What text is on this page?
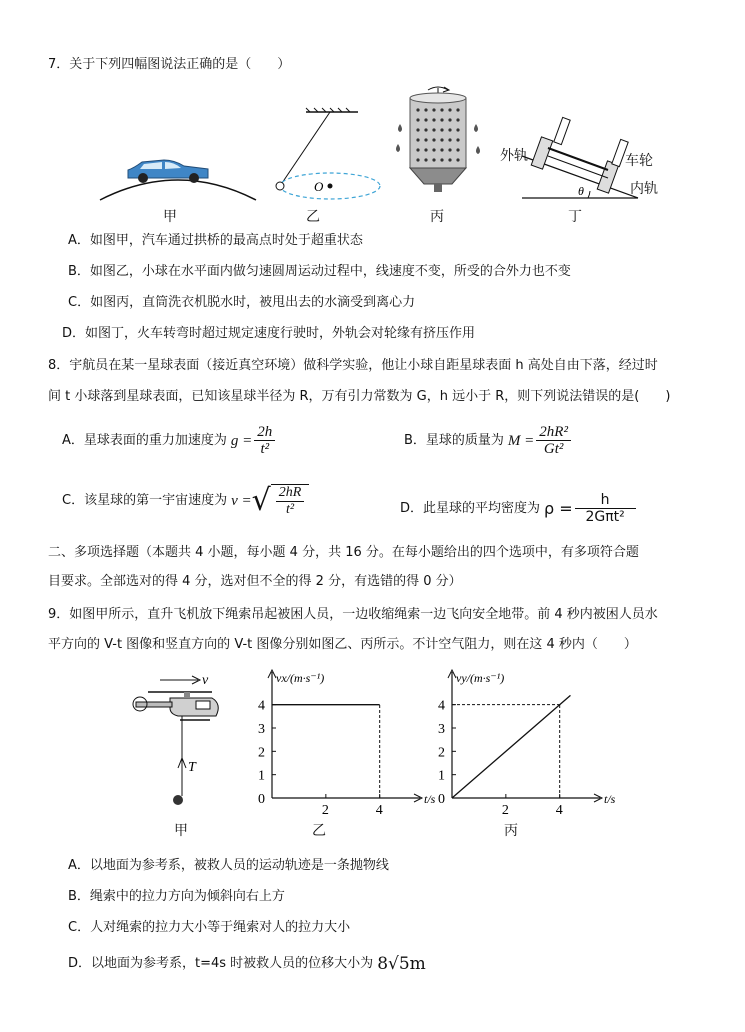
7．关于下列四幅图说法正确的是（　　）
甲
O
乙	丙
θ
外轨	车轮
内轨
丁
A．如图甲，汽车通过拱桥的最高点时处于超重状态
B．如图乙，小球在水平面内做匀速圆周运动过程中，线速度不变，所受的合外力也不变
C．如图丙，直筒洗衣机脱水时，被甩出去的水滴受到离心力
D．如图丁，火车转弯时超过规定速度行驶时，外轨会对轮缘有挤压作用
8．宇航员在某一星球表面（接近真空环境）做科学实验，他让小球自距星球表面 h 高处自由下落，经过时
间 t 小球落到星球表面，已知该星球半径为 R，万有引力常数为 G，h 远小于 R，则下列说法错误的是(　　)
A．星球表面的重力加速度为 $g = \frac{2h}{\text{t²}}$	B．星球的质量为 $M = \frac{\text{2hR²}}{\text{Gt²}}$
C．该星球的第一宇宙速度为 v = √ $\frac{2hR}{\text{t²}}$	D．此星球的平均密度为 $\rho = \frac{h}{\text{2Gπt²}}$
二、多项选择题（本题共 4 小题，每小题 4 分，共 16 分。在每小题给出的四个选项中，有多项符合题
目要求。全部选对的得 4 分，选对但不全的得 2 分，有选错的得 0 分）
9．如图甲所示，直升飞机放下绳索吊起被困人员，一边收缩绳索一边飞向安全地带。前 4 秒内被困人员水
平方向的 V-t 图像和竖直方向的 V-t 图像分别如图乙、丙所示。不计空气阻力，则在这 4 秒内（　　）
v
T
甲
vx/(m·s⁻¹)
t/s
0
1
2
3
4
2	4
乙
vy/(m·s⁻¹)
t/s
0
1
2
3
4
2	4
丙
A．以地面为参考系，被救人员的运动轨迹是一条抛物线
B．绳索中的拉力方向为倾斜向右上方
C．人对绳索的拉力大小等于绳索对人的拉力大小
D．以地面为参考系，t=4s 时被救人员的位移大小为 8√5m
